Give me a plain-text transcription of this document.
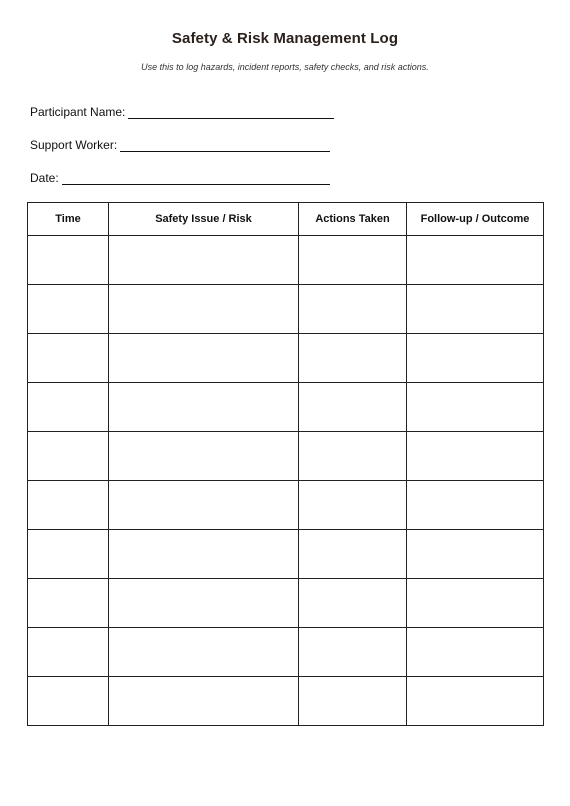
Safety & Risk Management Log
Use this to log hazards, incident reports, safety checks, and risk actions.
Participant Name:
Support Worker:
Date:
Time	Safety Issue / Risk	Actions Taken	Follow-up / Outcome
